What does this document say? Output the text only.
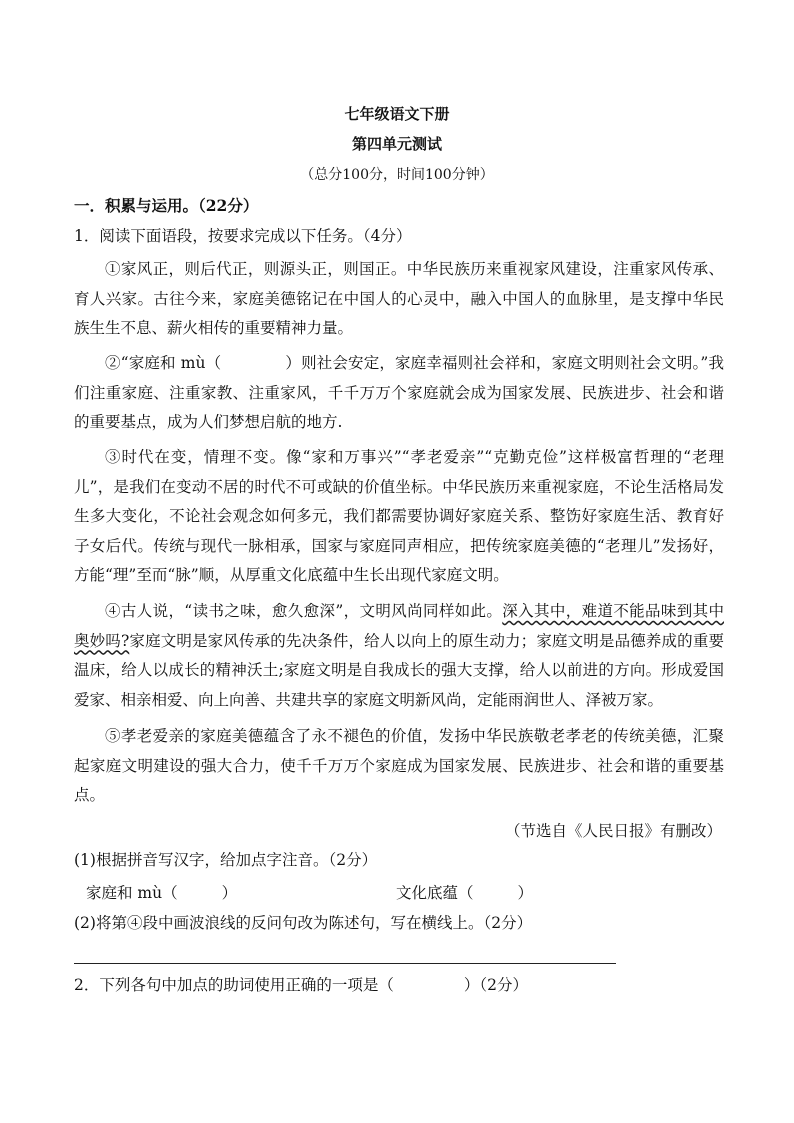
七年级语文下册
第四单元测试
（总分100分，时间100分钟）
一．积累与运用。（22分）
1．阅读下面语段，按要求完成以下任务。（4分）
①家风正，则后代正，则源头正，则国正。中华民族历来重视家风建设，注重家风传承、育人兴家。古往今来，家庭美德铭记在中国人的心灵中，融入中国人的血脉里，是支撑中华民族生生不息、薪火相传的重要精神力量。
②“家庭和 mù（	）则社会安定，家庭幸福则社会祥和，家庭文明则社会文明。”我们注重家庭、注重家教、注重家风，千千万万个家庭就会成为国家发展、民族进步、社会和谐的重要基点，成为人们梦想启航的地方.
③时代在变，情理不变。像“家和万事兴”“孝老爱亲”“克勤克俭”这样极富哲理的“老理儿”，是我们在变动不居的时代不可或缺的价值坐标。中华民族历来重视家庭，不论生活格局发生多大变化，不论社会观念如何多元，我们都需要协调好家庭关系、整饬好家庭生活、教育好子女后代。传统与现代一脉相承，国家与家庭同声相应，把传统家庭美德的“老理儿”发扬好，方能“理”至而“脉”顺，从厚重文化底蕴中生长出现代家庭文明。
④古人说，“读书之味，愈久愈深”，文明风尚同样如此。深入其中，难道不能品味到其中奥妙吗?家庭文明是家风传承的先决条件，给人以向上的原生动力；家庭文明是品德养成的重要温床，给人以成长的精神沃土;家庭文明是自我成长的强大支撑，给人以前进的方向。形成爱国爱家、相亲相爱、向上向善、共建共享的家庭文明新风尚，定能雨润世人、泽被万家。
⑤孝老爱亲的家庭美德蕴含了永不褪色的价值，发扬中华民族敬老孝老的传统美德，汇聚起家庭文明建设的强大合力，使千千万万个家庭成为国家发展、民族进步、社会和谐的重要基点。
（节选自《人民日报》有删改）
(1)根据拼音写汉字，给加点字注音。（2分）
家庭和 mù（	）	文化底蕴（	）
(2)将第④段中画波浪线的反问句改为陈述句，写在横线上。（2分）
2．下列各句中加点的助词使用正确的一项是（	）（2分）
